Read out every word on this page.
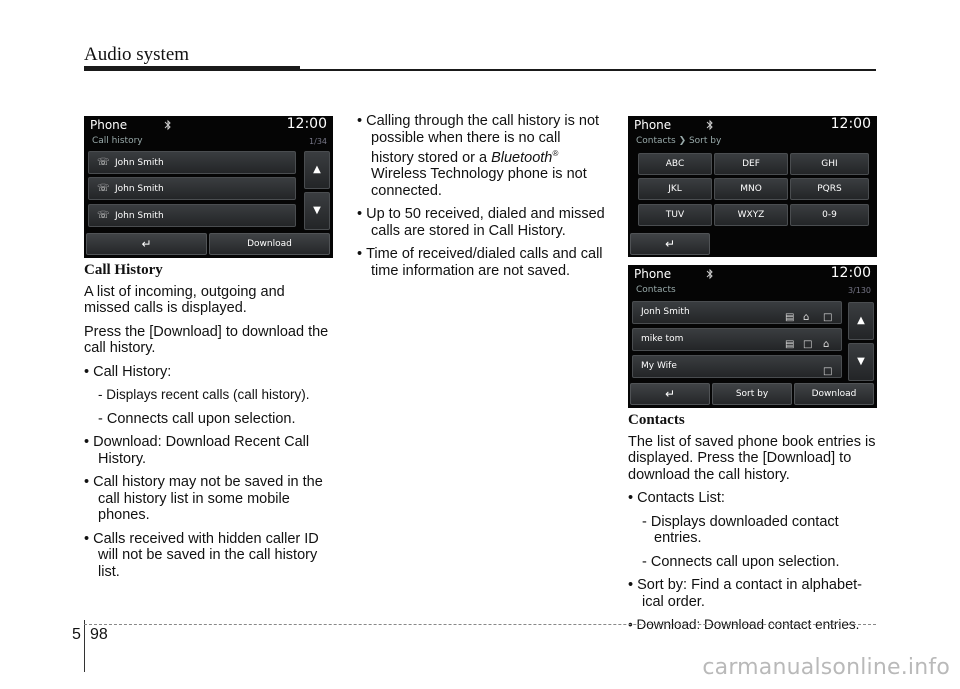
Audio system
Phone	12:00
Call history	1/34
☏ John Smith
☏ John Smith
☏ John Smith
▲
▼
↵	Download

Call History

A list of incoming, outgoing and missed calls is displayed.

Press the [Download] to download the call history.

• Call History:

- Displays recent calls (call history).

- Connects call upon selection.

• Download: Download Recent Call History.

• Call history may not be saved in the call history list in some mobile phones.

• Calls received with hidden caller ID will not be saved in the call history list.

• Calling through the call history is not possible when there is no call history stored or a Bluetooth® Wireless Technology phone is not connected.

• Up to 50 received, dialed and missed calls are stored in Call History.

• Time of received/dialed calls and call time information are not saved.

Phone	12:00
Contacts ❯ Sort by
ABC	DEF	GHI
JKL	MNO	PQRS
TUV	WXYZ	0-9
↵
Phone	12:00
Contacts	3/130
Jonh Smith	▤ ⌂ □
mike tom	▤ □ ⌂
My Wife	□
▲
▼
↵	Sort by	Download

Contacts

The list of saved phone book entries is displayed. Press the [Download] to download the call history.

• Contacts List:

- Displays downloaded contact entries.

- Connects call upon selection.

• Sort by: Find a contact in alphabet-ical order.

• Download: Download contact entries.

5 98
carmanualsonline.info
